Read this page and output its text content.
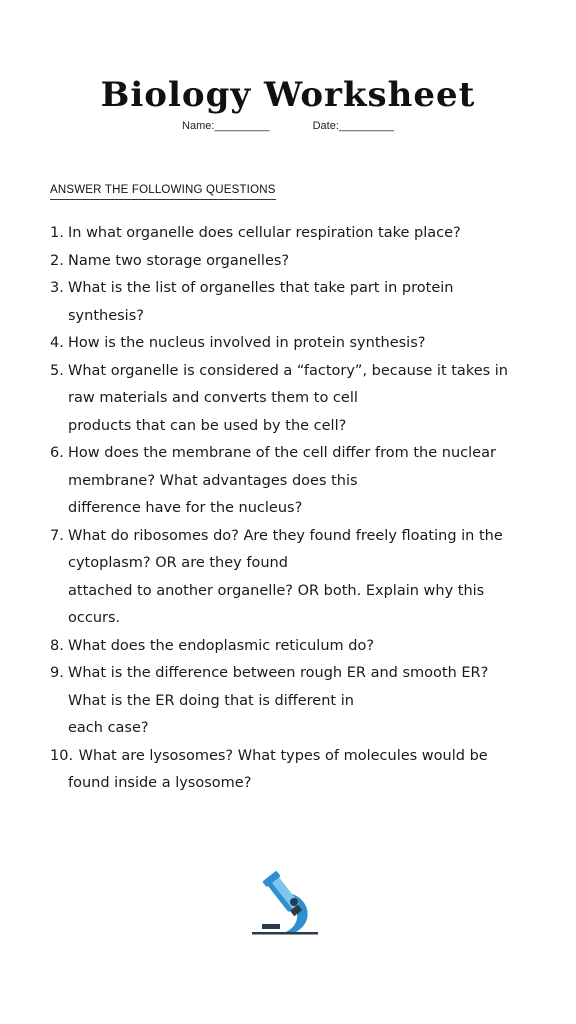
Biology Worksheet
Name:_________	Date:_________
ANSWER THE FOLLOWING QUESTIONS
1. In what organelle does cellular respiration take place?
2. Name two storage organelles?
3. What is the list of organelles that take part in protein
synthesis?
4. How is the nucleus involved in protein synthesis?
5. What organelle is considered a “factory”, because it takes in
raw materials and converts them to cell
products that can be used by the cell?
6. How does the membrane of the cell differ from the nuclear
membrane? What advantages does this
difference have for the nucleus?
7. What do ribosomes do? Are they found freely floating in the
cytoplasm? OR are they found
attached to another organelle? OR both. Explain why this
occurs.
8. What does the endoplasmic reticulum do?
9. What is the difference between rough ER and smooth ER?
What is the ER doing that is different in
each case?
10. What are lysosomes? What types of molecules would be
found inside a lysosome?
